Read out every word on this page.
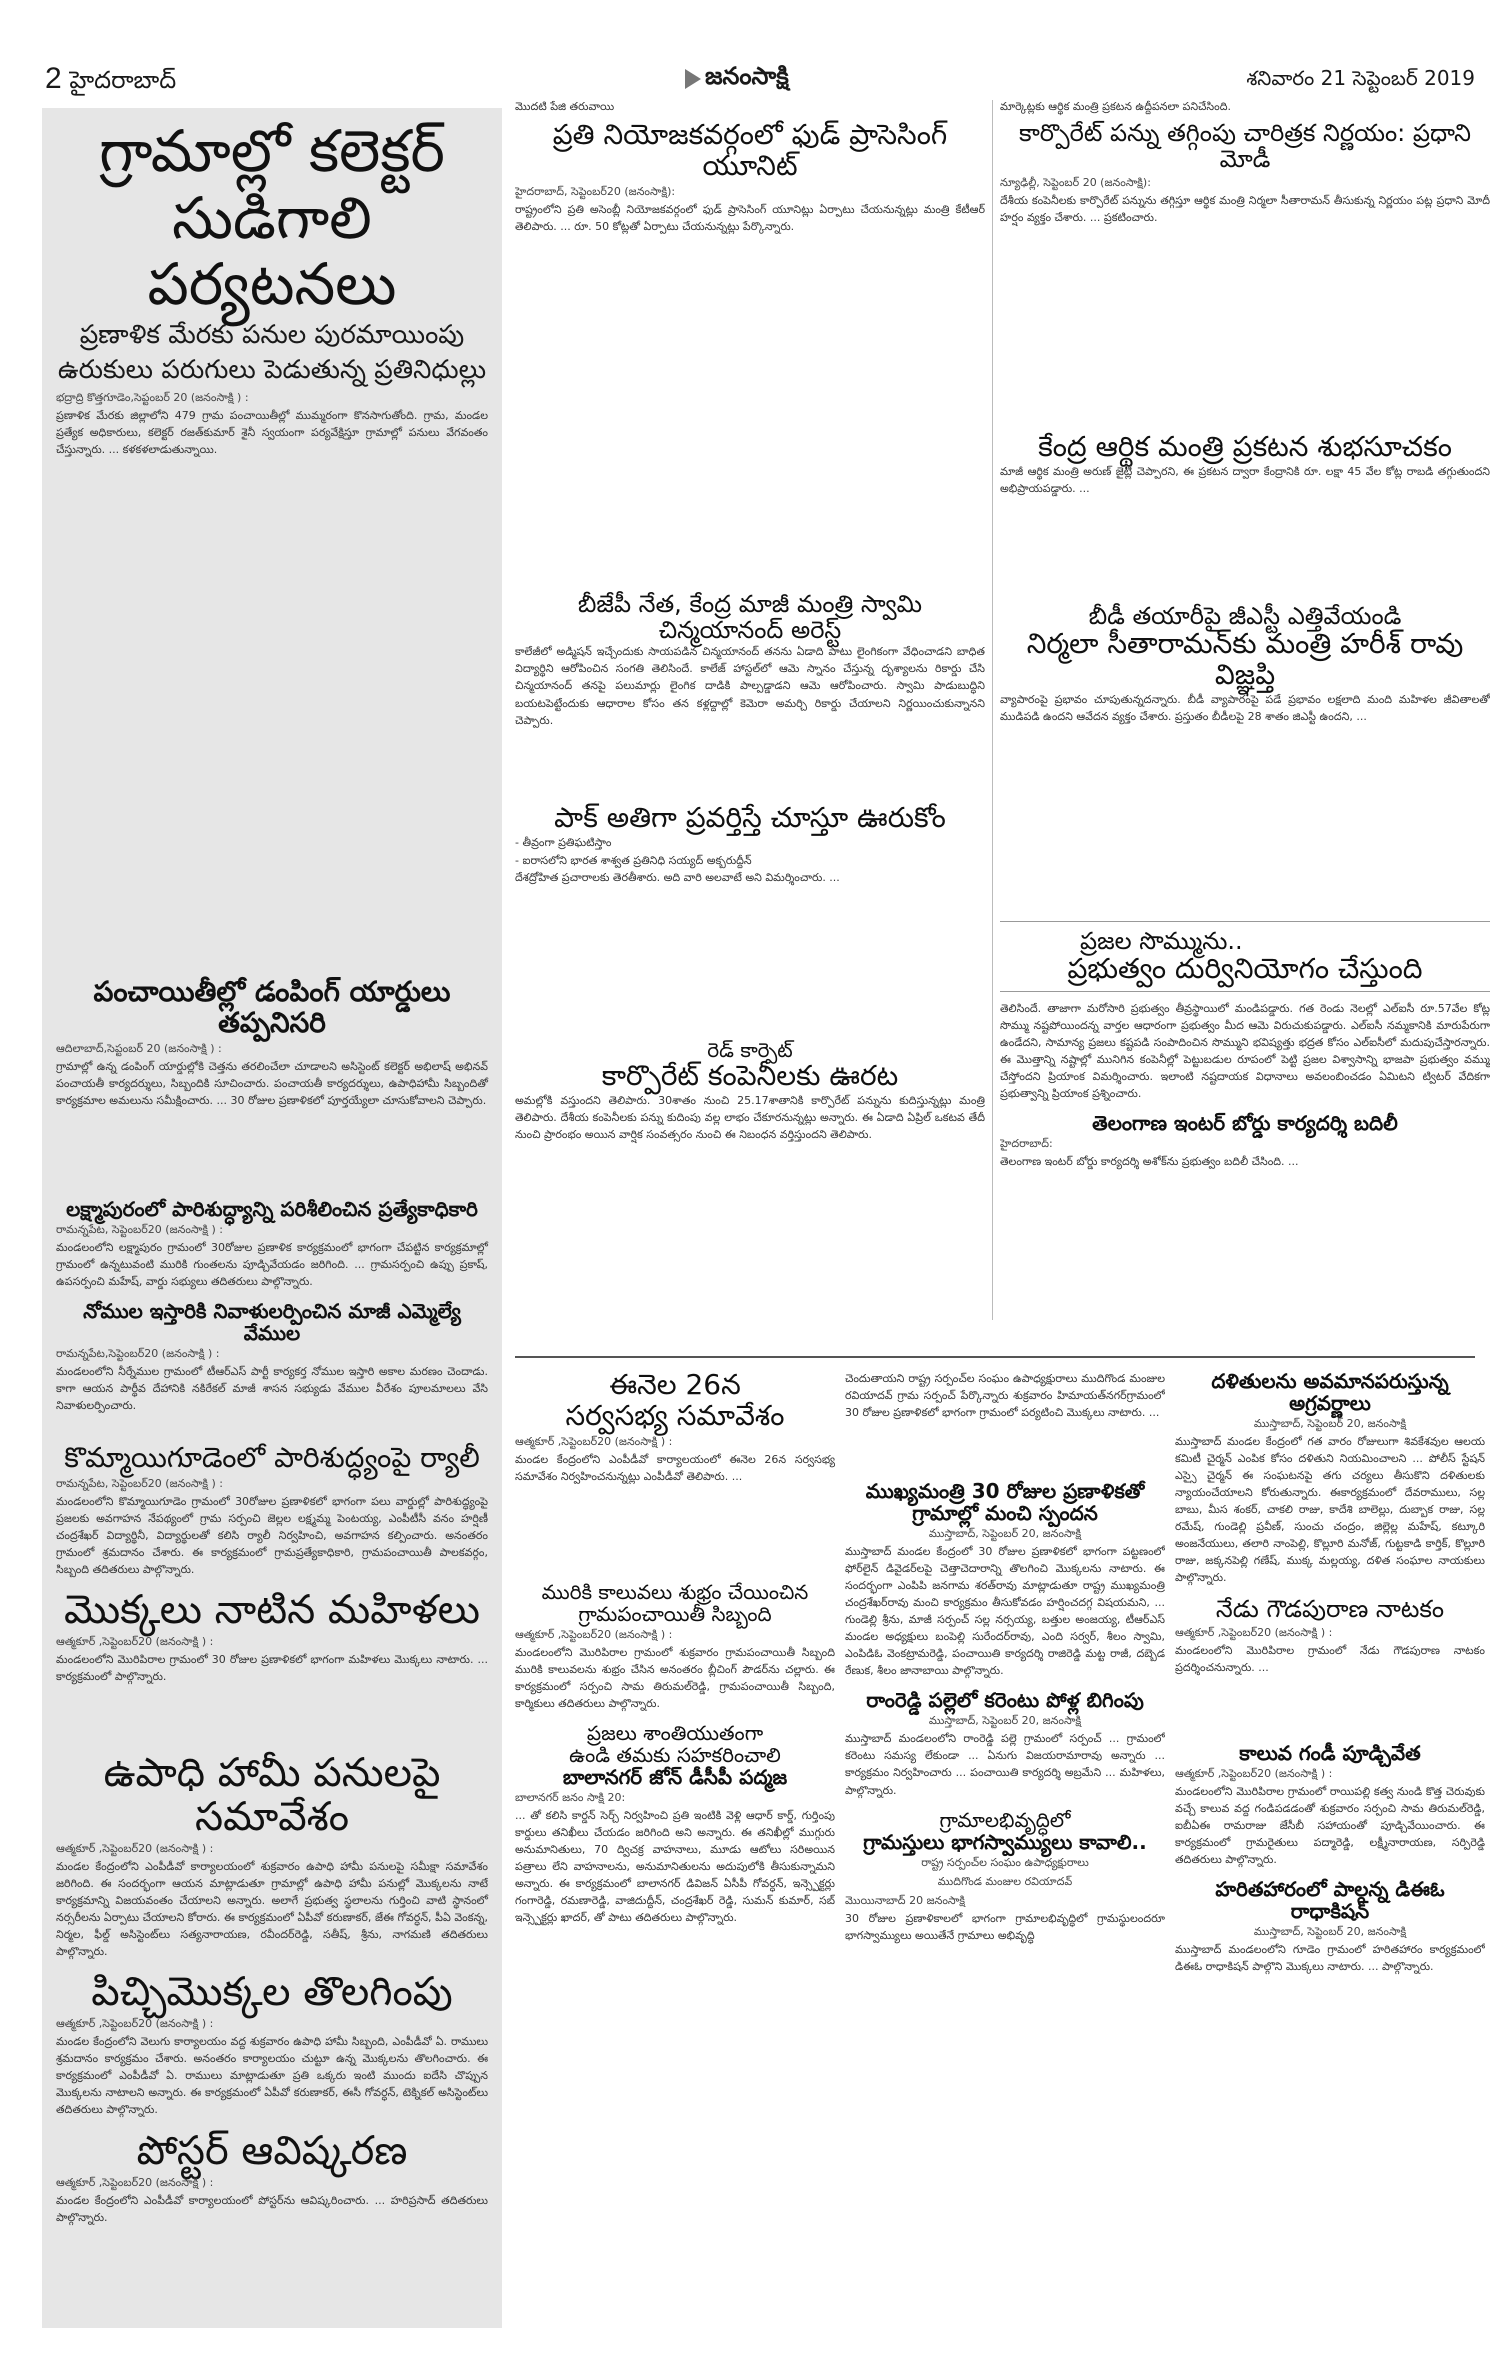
2 హైదరాబాద్	జనంసాక్షి	శనివారం 21 సెప్టెంబర్ 2019
గ్రామాల్లో కలెక్టర్
సుడిగాలి పర్యటనలు
ప్రణాళిక మేరకు పనుల పురమాయింపు
ఉరుకులు పరుగులు పెడుతున్న ప్రతినిధుల్లు
భద్రాద్రి కొత్తగూడెం,సెప్టంబర్ 20 (జనంసాక్షి ) :

ప్రణాళిక మేరకు జిల్లాలోని 479 గ్రామ పంచాయితీల్లో ముమ్మరంగా కొనసాగుతోంది. గ్రామ, మండల ప్రత్యేక అధికారులు, కలెక్టర్ రజత్‌కుమార్ శైనీ స్వయంగా పర్యవేక్షిస్తూ గ్రామాల్లో పనులు వేగవంతం చేస్తున్నారు. ... కళకళలాడుతున్నాయి.

పంచాయితీల్లో డంపింగ్ యార్డులు తప్పనిసరి
ఆదిలాబాద్,సెప్టంబర్ 20 (జనంసాక్షి ) :

గ్రామాల్లో ఉన్న డంపింగ్ యార్డుల్లోకి చెత్తను తరలించేలా చూడాలని అసిస్టెంట్ కలెక్టర్ అభిలాష్ అభినవ్ పంచాయతీ కార్యదర్శులు, సిబ్బందికి సూచించారు. పంచాయతీ కార్యదర్శులు, ఉపాధిహామీ సిబ్బందితో కార్యక్రమాల అమలును సమీక్షించారు. ... 30 రోజుల ప్రణాళికలో పూర్తయ్యేలా చూసుకోవాలని చెప్పారు.

లక్ష్మాపురంలో పారిశుద్ధ్యాన్ని పరిశీలించిన ప్రత్యేకాధికారి
రామన్నపేట, సెప్టెంబర్20 (జనంసాక్షి ) :

మండలంలోని లక్ష్మాపురం గ్రామంలో 30రోజుల ప్రణాళిక కార్యక్రమంలో భాగంగా చేపట్టిన కార్యక్రమాల్లో గ్రామంలో ఉన్నటువంటి మురికి గుంతలను పూడ్చివేయడం జరిగింది. ... గ్రామసర్పంచి ఉప్పు ప్రకాష్, ఉపసర్పంచి మహేష్, వార్డు సభ్యులు తదితరులు పాల్గొన్నారు.

నోముల ఇస్తారికి నివాళులర్పించిన మాజీ ఎమ్మెల్యే వేముల
రామన్నపేట,సెప్టెంబర్20 (జనంసాక్షి ) :

మండలంలోని నీర్నేముల గ్రామంలో టీఆర్ఎస్ పార్టీ కార్యకర్త నోముల ఇస్తారి అకాల మరణం చెందాడు. కాగా ఆయన పార్థీవ దేహానికి నకిరేకల్ మాజీ శాసన సభ్యుడు వేముల వీరేశం పూలమాలలు వేసి నివాళులర్పించారు.

కొమ్మాయిగూడెంలో పారిశుద్ధ్యంపై ర్యాలీ
రామన్నపేట, సెప్టెంబర్20 (జనంసాక్షి ) :

మండలంలోని కొమ్మాయిగూడెం గ్రామంలో 30రోజుల ప్రణాళికలో భాగంగా పలు వార్డుల్లో పారిశుద్ధ్యంపై ప్రజలకు అవగాహన నేపథ్యంలో గ్రామ సర్పంచి జెల్లల లక్ష్మమ్మ పెంటయ్య, ఎంపీటీసీ వనం హర్షిణీ చంద్రశేఖర్ విద్యార్థినీ, విద్యార్థులతో కలిసి ర్యాలీ నిర్వహించి, అవగాహన కల్పించారు. అనంతరం గ్రామంలో శ్రమదానం చేశారు. ఈ కార్యక్రమంలో గ్రామప్రత్యేకాధికారి, గ్రామపంచాయితీ పాలకవర్గం, సిబ్బంది తదితరులు పాల్గొన్నారు.

మొక్కలు నాటిన మహిళలు
ఆత్మకూర్ ,సెప్టెంబర్20 (జనంసాక్షి ) :

మండలంలోని మొరిపిరాల గ్రామంలో 30 రోజుల ప్రణాళికలో భాగంగా మహిళలు మొక్కలు నాటారు. ... కార్యక్రమంలో పాల్గొన్నారు.

ఉపాధి హామీ పనులపై సమావేశం
ఆత్మకూర్ ,సెప్టెంబర్20 (జనంసాక్షి ) :

మండల కేంద్రంలోని ఎంపీడీవో కార్యాలయంలో శుక్రవారం ఉపాధి హామీ పనులపై సమీక్షా సమావేశం జరిగింది. ఈ సందర్భంగా ఆయన మాట్లాడుతూ గ్రామాల్లో ఉపాధి హామీ పనుల్లో మొక్కలను నాటే కార్యక్రమాన్ని విజయవంతం చేయాలని అన్నారు. అలాగే ప్రభుత్వ స్థలాలను గుర్తించి వాటి స్థానంలో నర్సరీలను ఏర్పాటు చేయాలని కోరారు. ఈ కార్యక్రమంలో ఏపీవో కరుణాకర్, జేఈ గోవర్ధన్, పీఏ వెంకన్న, నిర్మల, ఫీల్డ్ అసిస్టెంట్‌లు సత్యనారాయణ, రవీందర్‌రెడ్డి, సతీష్, శ్రీను, నాగమణి తదితరులు పాల్గొన్నారు.

పిచ్చిమొక్కల తొలగింపు
ఆత్మకూర్ ,సెప్టెంబర్20 (జనంసాక్షి ) :

మండల కేంద్రంలోని వెలుగు కార్యాలయం వద్ద శుక్రవారం ఉపాధి హామీ సిబ్బంది, ఎంపీడీవో ఏ. రాములు శ్రమదానం కార్యక్రమం చేశారు. అనంతరం కార్యాలయం చుట్టూ ఉన్న మొక్కలను తొలగించారు. ఈ కార్యక్రమంలో ఎంపీడీవో ఏ. రాములు మాట్లాడుతూ ప్రతి ఒక్కరు ఇంటి ముందు ఐదేసి చొప్పున మొక్కలను నాటాలని అన్నారు. ఈ కార్యక్రమంలో ఏపీవో కరుణాకర్, ఈసీ గోవర్ధన్, టెక్నికల్ అసిస్టెంట్‌లు తదితరులు పాల్గొన్నారు.

పోస్టర్ ఆవిష్కరణ
ఆత్మకూర్ ,సెప్టెంబర్20 (జనంసాక్షి ) :

మండల కేంద్రంలోని ఎంపీడీవో కార్యాలయంలో పోస్టర్‌ను ఆవిష్కరించారు. ... హరిప్రసాద్ తదితరులు పాల్గొన్నారు.

మొదటి పేజి తరువాయి
ప్రతి నియోజకవర్గంలో ఫుడ్ ప్రాసెసింగ్ యూనిట్
హైదరాబాద్, సెప్టెంబర్20 (జనంసాక్షి):

రాష్ట్రంలోని ప్రతి అసెంబ్లీ నియోజకవర్గంలో ఫుడ్ ప్రాసెసింగ్ యూనిట్లు ఏర్పాటు చేయనున్నట్లు మంత్రి కేటీఆర్ తెలిపారు. ... రూ. 50 కోట్లతో ఏర్పాటు చేయనున్నట్లు పేర్కొన్నారు.

బీజేపీ నేత, కేంద్ర మాజీ మంత్రి స్వామి చిన్మయానంద్ అరెస్ట్

కాలేజీలో అడ్మిషన్ ఇచ్చేందుకు సాయపడిన చిన్మయానంద్ తనను ఏడాది పాటు లైంగికంగా వేధించాడని బాధిత విద్యార్థిని ఆరోపించిన సంగతి తెలిసిందే. కాలేజ్ హాస్టల్‌లో ఆమె స్నానం చేస్తున్న దృశ్యాలను రికార్డు చేసి చిన్మయానంద్ తనపై పలుమార్లు లైంగిక దాడికి పాల్పడ్డాడని ఆమె ఆరోపించారు. స్వామి పాడుబుద్ధిని బయటపెట్టేందుకు ఆధారాల కోసం తన కళ్లద్దాల్లో కెమెరా అమర్చి రికార్డు చేయాలని నిర్ణయించుకున్నానని చెప్పారు.

పాక్ అతిగా ప్రవర్తిస్తే చూస్తూ ఊరుకోం
- తీవ్రంగా ప్రతిఘటిస్తాం
- ఐరాసలోని భారత శాశ్వత ప్రతినిధి సయ్యద్ అక్బరుద్దీన్

దేశద్రోహిత ప్రచారాలకు తెరతీశారు. అది వారి అలవాటే అని విమర్శించారు. ...

రెడ్ కార్పెట్
కార్పొరేట్ కంపెనీలకు ఊరట

అమల్లోకి వస్తుందని తెలిపారు. 30శాతం నుంచి 25.17శాతానికి కార్పొరేట్ పన్నును కుదిస్తున్నట్లు మంత్రి తెలిపారు. దేశీయ కంపెనీలకు పన్ను కుదింపు వల్ల లాభం చేకూరనున్నట్లు అన్నారు. ఈ ఏడాది ఏప్రిల్ ఒకటవ తేదీ నుంచి ప్రారంభం అయిన వార్షిక సంవత్సరం నుంచి ఈ నిబంధన వర్తిస్తుందని తెలిపారు.

మార్కెట్లకు ఆర్థిక మంత్రి ప్రకటన ఉద్దీపనలా పనిచేసింది.
కార్పొరేట్ పన్ను తగ్గింపు చారిత్రక నిర్ణయం: ప్రధాని మోడీ
న్యూఢిల్లీ, సెప్టెంబర్ 20 (జనంసాక్షి):

దేశీయ కంపెనీలకు కార్పొరేట్ పన్నును తగ్గిస్తూ ఆర్థిక మంత్రి నిర్మలా సీతారామన్ తీసుకున్న నిర్ణయం పట్ల ప్రధాని మోదీ హర్షం వ్యక్తం చేశారు. ... ప్రకటించారు.

కేంద్ర ఆర్థిక మంత్రి ప్రకటన శుభసూచకం

మాజీ ఆర్థిక మంత్రి అరుణ్ జైట్లీ చెప్పారని, ఈ ప్రకటన ద్వారా కేంద్రానికి రూ. లక్షా 45 వేల కోట్ల రాబడి తగ్గుతుందని అభిప్రాయపడ్డారు. ...

బీడీ తయారీపై జీఎస్టీ ఎత్తివేయండి
నిర్మలా సీతారామన్‌కు మంత్రి హరీశ్ రావు విజ్ఞప్తి

వ్యాపారంపై ప్రభావం చూపుతున్నదన్నారు. బీడీ వ్యాపారంపై పడే ప్రభావం లక్షలాది మంది మహిళల జీవితాలతో ముడిపడి ఉందని ఆవేదన వ్యక్తం చేశారు. ప్రస్తుతం బీడీలపై 28 శాతం జిఎస్టీ ఉందని, ...

ప్రజల సొమ్మును..
ప్రభుత్వం దుర్వినియోగం చేస్తుంది

తెలిసిందే. తాజాగా మరోసారి ప్రభుత్వం తీవ్రస్థాయిలో మండిపడ్డారు. గత రెండు నెలల్లో ఎల్‌ఐసీ రూ.57వేల కోట్ల సొమ్ము నష్టపోయిందన్న వార్తల ఆధారంగా ప్రభుత్వం మీద ఆమె విరుచుకుపడ్డారు. ఎల్‌ఐసీ నమ్మకానికి మారుపేరుగా ఉండేదని, సామాన్య ప్రజలు కష్టపడి సంపాదించిన సొమ్ముని భవిష్యత్తు భద్రత కోసం ఎల్‌ఐసీలో మదుపుచేస్తారన్నారు. ఈ మొత్తాన్ని నష్టాల్లో మునిగిన కంపెనీల్లో పెట్టుబడుల రూపంలో పెట్టి ప్రజల విశ్వాసాన్ని భాజపా ప్రభుత్వం వమ్ము చేస్తోందని ప్రియాంక విమర్శించారు. ఇలాంటి నష్టదాయక విధానాలు అవలంబించడం ఏమిటని ట్విటర్ వేదికగా ప్రభుత్వాన్ని ప్రియాంక ప్రశ్నించారు.

తెలంగాణ ఇంటర్ బోర్డు కార్యదర్శి బదిలీ
హైదరాబాద్:

తెలంగాణ ఇంటర్ బోర్డు కార్యదర్శి అశోక్‌ను ప్రభుత్వం బదిలీ చేసింది. ...

ఈనెల 26న
సర్వసభ్య సమావేశం
ఆత్మకూర్ ,సెప్టెంబర్20 (జనంసాక్షి ) :

మండల కేంద్రంలోని ఎంపీడీవో కార్యాలయంలో ఈనెల 26న సర్వసభ్య సమావేశం నిర్వహించనున్నట్లు ఎంపీడీవో తెలిపారు. ...

మురికి కాలువలు శుభ్రం చేయించిన
గ్రామపంచాయితీ సిబ్బంది
ఆత్మకూర్ ,సెప్టెంబర్20 (జనంసాక్షి ) :

మండలంలోని మొరిపిరాల గ్రామంలో శుక్రవారం గ్రామపంచాయితీ సిబ్బంది మురికి కాలువలను శుభ్రం చేసిన అనంతరం బ్లీచింగ్ పౌడర్‌ను చల్లారు. ఈ కార్యక్రమంలో సర్పంచి సామ తిరుమల్‌రెడ్డి, గ్రామపంచాయితీ సిబ్బంది, కార్మికులు తదితరులు పాల్గొన్నారు.

ప్రజలు శాంతియుతంగా
ఉండి తమకు సహకరించాలి
బాలానగర్ జోన్ డీసీపీ పద్మజ
బాలానగర్ జనం సాక్షి 20:

... తో కలిసి కార్డన్ సెర్చ్ నిర్వహించి ప్రతి ఇంటికి వెళ్లి ఆధార్ కార్డ్, గుర్తింపు కార్డులు తనిఖీలు చేయడం జరిగింది అని అన్నారు. ఈ తనిఖీల్లో ముగ్గురు అనుమానితులు, 70 ద్విచక్ర వాహనాలు, మూడు ఆటోలు సరిఅయిన పత్రాలు లేని వాహనాలను, అనుమానితులను అదుపులోకి తీసుకున్నామని అన్నారు. ఈ కార్యక్రమంలో బాలానగర్ డివిజన్ ఏసీపీ గోవర్ధన్, ఇన్స్పెక్టర్లు గంగారెడ్డి, రమణారెడ్డి, వాజిదుద్దీన్, చంద్రశేఖర్ రెడ్డి, సుమన్ కుమార్, సబ్ ఇన్స్పెక్టర్లు ఖాదర్, తో పాటు తదితరులు పాల్గొన్నారు.

చెందుతాయని రాష్ట్ర సర్పంచ్‌ల సంఘం ఉపాధ్యక్షురాలు ముదిగొండ మంజుల రవియాదవ్ గ్రామ సర్పంచ్ పేర్కొన్నారు శుక్రవారం హిమాయత్‌నగర్‌గ్రామంలో 30 రోజుల ప్రణాళికలో భాగంగా గ్రామంలో పర్యటించి మొక్కలు నాటారు. ...

ముఖ్యమంత్రి 30 రోజుల ప్రణాళికతో
గ్రామాల్లో మంచి స్పందన
ముస్తాబాద్, సెప్టెంబర్ 20, జనంసాక్షి

ముస్తాబాద్ మండల కేంద్రంలో 30 రోజుల ప్రణాళికలో భాగంగా పట్టణంలో ఫోర్‌లైన్ డివైడర్‌లపై చెత్తాచెదారాన్ని తొలగించి మొక్కలను నాటారు. ఈ సందర్భంగా ఎంపిపి జనగామ శరత్‌రావు మాట్లాడుతూ రాష్ట్ర ముఖ్యమంత్రి చంద్రశేఖర్‌రావు మంచి కార్యక్రమం తీసుకోవడం హర్షించదగ్గ విషయమని, ... గుండెల్లి శ్రీను, మాజీ సర్పంచ్ సల్ల నర్సయ్య, బత్తుల అంజయ్య, టీఆర్ఎస్ మండల అధ్యక్షులు బంపెల్లి సురేందర్‌రావు, ఎంది సర్వర్, శీలం స్వామి, ఎంపిడిఓ వెంకట్రామరెడ్డి, పంచాయితి కార్యదర్శి రాజిరెడ్డి మట్ట రాజీ, దబ్బెడ రేణుక, శీలం జానాబాయి పాల్గొన్నారు.

రాంరెడ్డి పల్లెలో కరెంటు పోళ్ల బిగింపు
ముస్తాబాద్, సెప్టెంబర్ 20, జనంసాక్షి

ముస్తాబాద్ మండలంలోని రాంరెడ్డి పల్లె గ్రామంలో సర్పంచ్ ... గ్రామంలో కరెంటు సమస్య లేకుండా ... ఏనుగు విజయరామారావు అన్నారు ... కార్యక్రమం నిర్వహించారు ... పంచాయితి కార్యదర్శి అబ్రమేని ... మహిళలు, పాల్గొన్నారు.

గ్రామాలభివృద్ధిలో
గ్రామస్తులు భాగస్వామ్యులు కావాలి..
రాష్ట్ర సర్పంచ్‌ల సంఘం ఉపాధ్యక్షురాలు
ముదిగొండ మంజుల రవియాదవ్
మొయినాబాద్ 20 జనంసాక్షి

30 రోజుల ప్రణాళికాలలో భాగంగా గ్రామాలభివృద్ధిలో గ్రామస్థులందరూ భాగస్వామ్యులు అయితేనే గ్రామాలు అభివృద్ధి

దళితులను అవమానపరుస్తున్న అగ్రవర్ణాలు
ముస్తాబాద్, సెప్టెంబర్ 20, జనంసాక్షి

ముస్తాబాద్ మండల కేంద్రంలో గత వారం రోజులుగా శివకేశవుల ఆలయ కమిటీ చైర్మన్ ఎంపిక కోసం దళితుని నియమించాలని ... పోలీస్ స్టేషన్ ఎస్సై చైర్మన్ ఈ సంఘటనపై తగు చర్యలు తీసుకొని దళితులకు న్యాయంచేయాలని కోరుతున్నారు. ఈకార్యక్రమంలో దేవరాములు, సల్ల బాబు, మీస శంకర్, చాకలి రాజు, కాదేశి బాలెల్లు, దుబ్బాక రాజు, సల్ల రమేష్, గుండెల్లి ప్రవీణ్, సుంచు చంద్రం, జిల్లెల్ల మహేష్, కట్కూరి అంజనేయులు, తలారి నాంపెల్లి, కొల్లూరి మనోజ్, గుట్టకాడి కార్తిక్, కొల్లూరి రాజు, జక్కనపెల్లి గణేష్, ముక్క మల్లయ్య, దళిత సంఘాల నాయకులు పాల్గొన్నారు.

నేడు గౌడపురాణ నాటకం
ఆత్మకూర్ ,సెప్టెంబర్20 (జనంసాక్షి ) :

మండలంలోని మొరిపిరాల గ్రామంలో నేడు గౌడపురాణ నాటకం ప్రదర్శించనున్నారు. ...

కాలువ గండీ పూడ్చివేత
ఆత్మకూర్ ,సెప్టెంబర్20 (జనంసాక్షి ) :

మండలంలోని మొరిపిరాల గ్రామంలో రాయిపల్లి కత్వ నుండి కొత్త చెరువుకు వచ్చే కాలువ వద్ద గండిపడడంతో శుక్రవారం సర్పంచి సామ తిరుమల్‌రెడ్డి, ఐబీఏఈ రామరాజు జేసీబీ సహాయంతో పూడ్చివేయించారు. ఈ కార్యక్రమంలో గ్రామరైతులు పద్మారెడ్డి, లక్ష్మీనారాయణ, సర్పిరెడ్డి తదితరులు పాల్గొన్నారు.

హరితహారంలో పాల్గన్న డిఈఓ రాధాకిషన్
ముస్తాబాద్, సెప్టెంబర్ 20, జనంసాక్షి

ముస్తాబాద్ మండలంలోని గూడెం గ్రామంలో హరితహారం కార్యక్రమంలో డిఈఓ రాధాకిషన్ పాల్గొని మొక్కలు నాటారు. ... పాల్గొన్నారు.
